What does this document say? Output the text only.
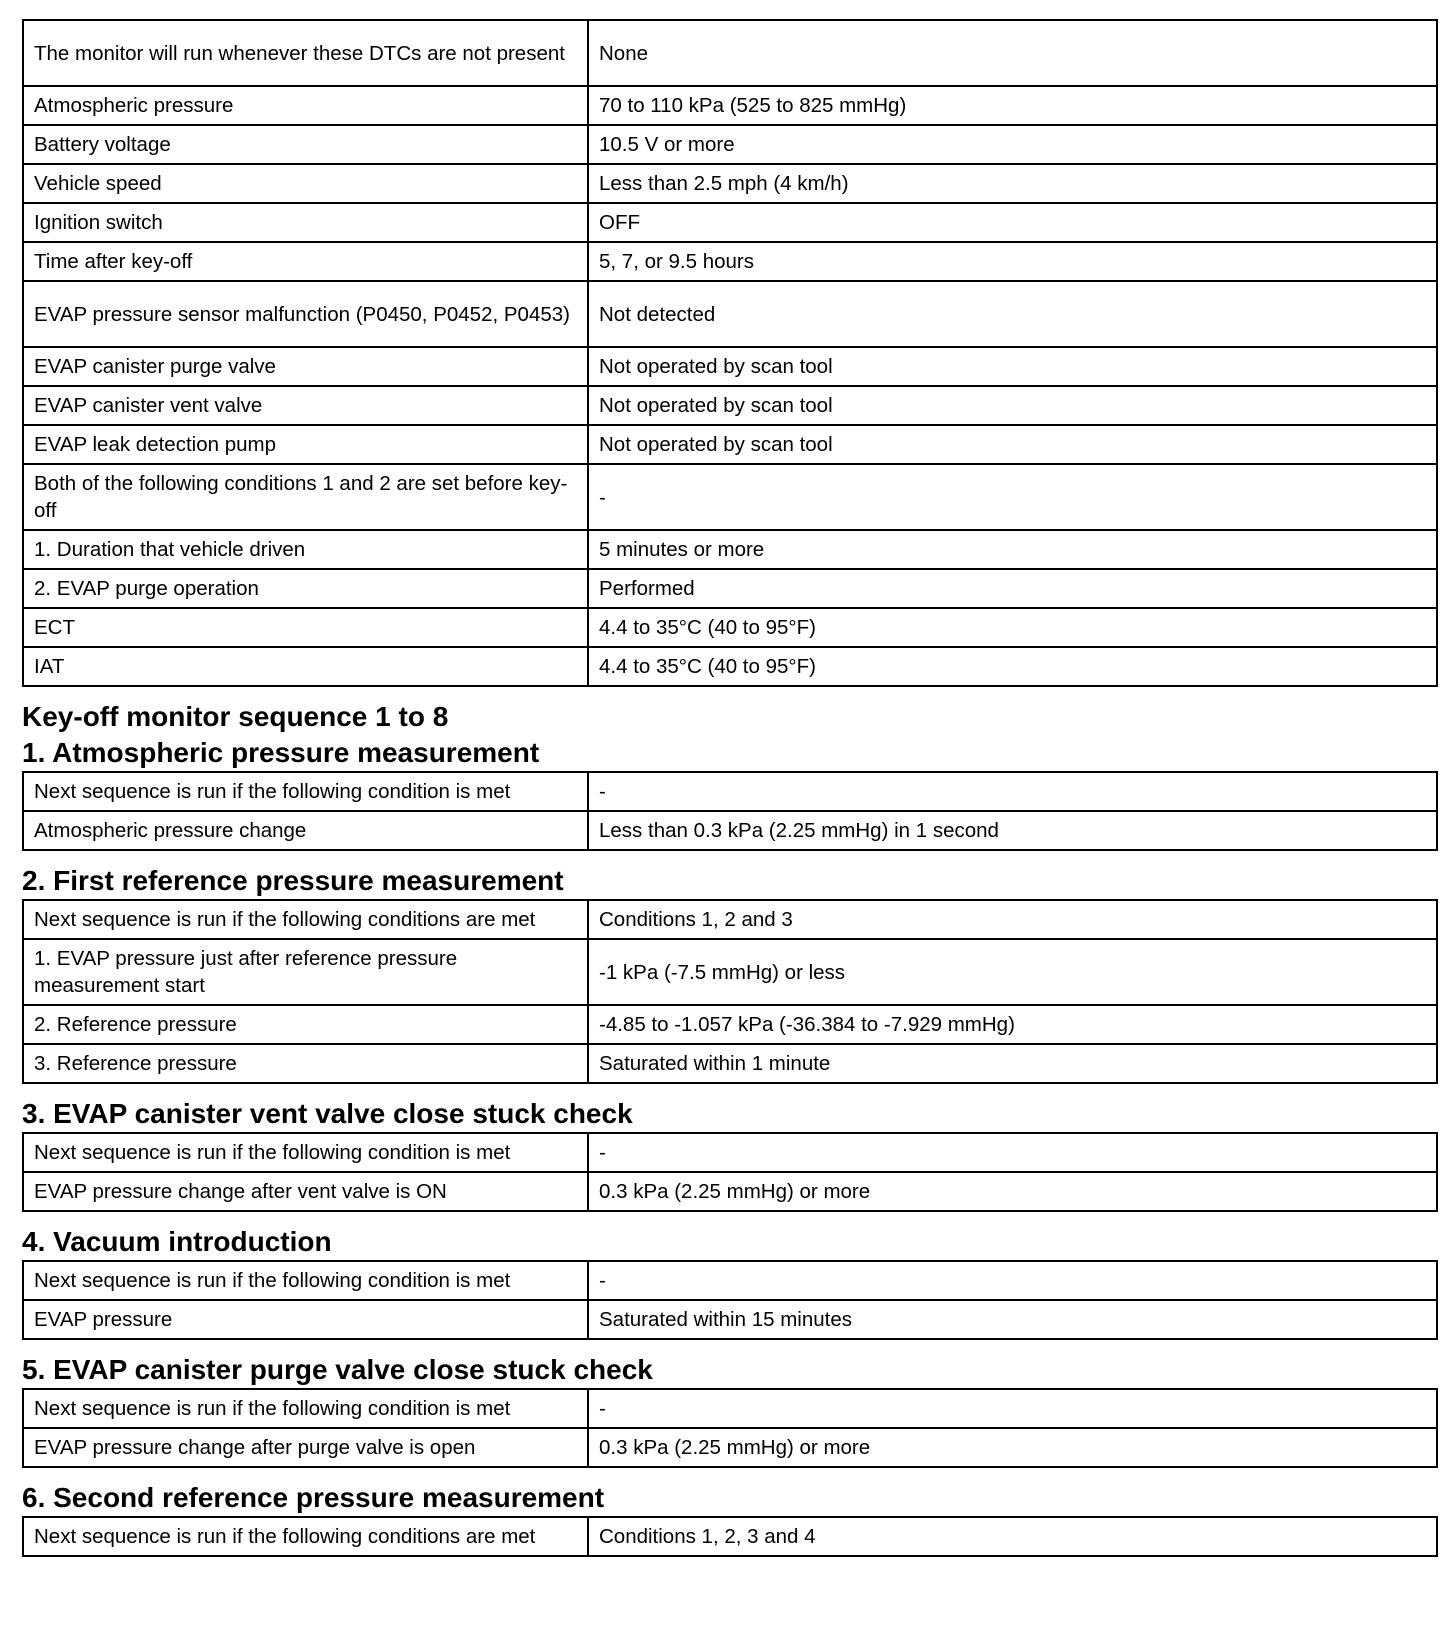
The monitor will run whenever these DTCs are not present	None
Atmospheric pressure	70 to 110 kPa (525 to 825 mmHg)
Battery voltage	10.5 V or more
Vehicle speed	Less than 2.5 mph (4 km/h)
Ignition switch	OFF
Time after key-off	5, 7, or 9.5 hours
EVAP pressure sensor malfunction (P0450, P0452, P0453)	Not detected
EVAP canister purge valve	Not operated by scan tool
EVAP canister vent valve	Not operated by scan tool
EVAP leak detection pump	Not operated by scan tool
Both of the following conditions 1 and 2 are set before key-off	-
1. Duration that vehicle driven	5 minutes or more
2. EVAP purge operation	Performed
ECT	4.4 to 35°C (40 to 95°F)
IAT	4.4 to 35°C (40 to 95°F)
Key-off monitor sequence 1 to 8
1. Atmospheric pressure measurement
Next sequence is run if the following condition is met	-
Atmospheric pressure change	Less than 0.3 kPa (2.25 mmHg) in 1 second
2. First reference pressure measurement
Next sequence is run if the following conditions are met	Conditions 1, 2 and 3
1. EVAP pressure just after reference pressure measurement start	-1 kPa (-7.5 mmHg) or less
2. Reference pressure	-4.85 to -1.057 kPa (-36.384 to -7.929 mmHg)
3. Reference pressure	Saturated within 1 minute
3. EVAP canister vent valve close stuck check
Next sequence is run if the following condition is met	-
EVAP pressure change after vent valve is ON	0.3 kPa (2.25 mmHg) or more
4. Vacuum introduction
Next sequence is run if the following condition is met	-
EVAP pressure	Saturated within 15 minutes
5. EVAP canister purge valve close stuck check
Next sequence is run if the following condition is met	-
EVAP pressure change after purge valve is open	0.3 kPa (2.25 mmHg) or more
6. Second reference pressure measurement
Next sequence is run if the following conditions are met	Conditions 1, 2, 3 and 4
